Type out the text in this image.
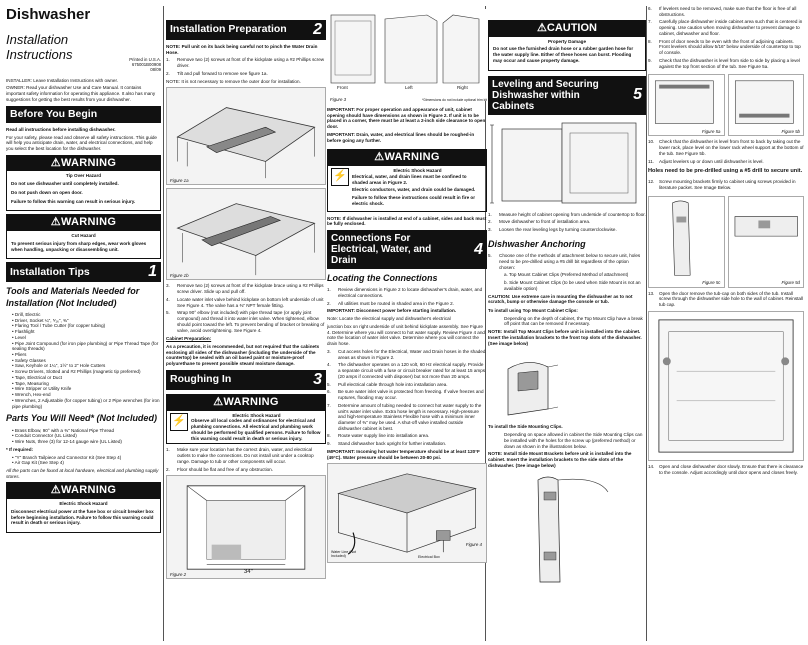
Dishwasher
Installation Instructions	Printed in U.S.A.
675001B00908
08/09

INSTALLER: Leave Installation Instructions with owner.

OWNER: Read your dishwasher Use and Care Manual. It contains important safety information for operating this appliance. It also has many suggestions for getting the best results from your dishwasher.

Before You Begin

Read all instructions before installing dishwasher.

For your safety, please read and observe all safety instructions. This guide will help you anticipate drain, water, and electrical connections, and help you select the best location for the dishwasher.

⚠WARNING
Tip Over Hazard

Do not use dishwasher until completely installed.

Do not push down on open door.

Failure to follow this warning can result in serious injury.

⚠WARNING
Cut Hazard

To prevent serious injury from sharp edges, wear work gloves when handling, unpacking or disassembling unit.

Installation Tips	1
Tools and Materials Needed for Installation (Not Included)
• Drill, Electric
• Driver, Socket ¼", ⁵⁄₁₆", ⅜"
• Flaring Tool / Tube Cutter (for copper tubing)
• Flashlight
• Level
• Pipe Joint Compound (for iron pipe plumbing) or Pipe Thread Tape (for sealing threads)
• Pliers
• Safety Glasses
• Saw, Keyhole or 1¼", 1½" to 2" Hole Cutters
• Screw Drivers, Slotted and #2 Phillips (magnetic tip preferred)
• Tape, Electrical or Duct
• Tape, Measuring
• Wire Stripper or Utility Knife
• Wrench, Hex-end
• Wrenches, 2 Adjustable (for copper tubing) or 2 Pipe wrenches (for iron pipe plumbing)
Parts You Will Need* (Not Included)
• Brass Elbow, 90° with a ⅜" National Pipe Thread
• Conduit Connector (UL Listed)
• Wire Nuts, three (3) for 12-14 gauge wire (UL Listed)

* If required:

• "Y" Branch Tailpiece and Connector Kit (See Step 4)
• Air Gap Kit (See Step 4)

All the parts can be found at local hardware, electrical and plumbing supply stores.

⚠WARNING
Electric Shock Hazard

Disconnect electrical power at the fuse box or circuit breaker box before beginning installation. Failure to follow this warning could result in death or serious injury.

Installation Preparation 2

NOTE: Pull unit on its back being careful not to pinch the Water Drain Hose.

1.	Remove two (2) screws at front of the kickplate using a #2 Phillips screw driver.
2.	Tilt and pull forward to remove see figure 1a.

NOTE: It is not necessary to remove the outer door for installation.

Figure 1a
Figure 1b
3.	Remove two (2) screws at front of the kickplate brace using a #2 Phillips screw driver. Slide up and pull off.
4.	Locate water inlet valve behind kickplate on bottom left underside of unit See Figure 4. The valve has a ⅜" NPT female fitting.
5.	Wrap 90° elbow (not included) with pipe thread tape (or apply joint compound) and thread it into water inlet valve. When tightened, elbow should point toward the left. To prevent bending of bracket or breaking of valve, avoid overtightening. See Figure 4.

Cabinet Preparation:

As a precaution, it is recommended, but not required that the cabinets enclosing all sides of the dishwasher (including the underside of the countertop) be sealed with an oil based paint or moisture-proof polyurethane to prevent possible steam/ moisture damage.

Roughing In	3
⚠WARNING
⚡	Electric Shock Hazard
Observe all local codes and ordinances for electrical and plumbing connections. All electrical and plumbing work should be performed by qualified persons. Failure to follow this warning could result in death or serious injury.
1.	Make sure your location has the correct drain, water, and electrical outlets to make the connections. Do not install unit under a cooktop range. Damage to tub or other components will occur.
2.	Floor should be flat and free of any obstruction.
34"
Figure 2
Front	Left	Right
Figure 3	*Dimensions do not include optional trim kit

IMPORTANT: For proper operation and appearance of unit, cabinet opening should have dimensions as shown in Figure 2. If unit is to be placed in a corner, there must be at least a 2-inch side clearance to open door.

IMPORTANT: Drain, water, and electrical lines should be roughed-in before going any further.

⚠WARNING
⚡	Electric Shock Hazard

Electrical, water, and drain lines must be confined to shaded areas in Figure 2.

Electric conductors, water, and drain could be damaged.

Failure to follow these instructions could result in fire or electric shock.

NOTE: If dishwasher is installed at end of a cabinet, sides and back must be fully enclosed.

Connections For Electrical, Water, and Drain
4
Locating the Connections
1.	Review dimensions in Figure 2 to locate dishwasher's drain, water, and electrical connections.
2.	All utilities must be routed in shaded area in the Figure 2.

IMPORTANT: Disconnect power before starting installation.

Note: Locate the electrical supply and dishwasher's electrical

junction box on right underside of unit behind kickplate assembly. See Figure 4. Determine where you will connect to hot water supply. Review Figure 4 and note the location of water inlet valve. Determine where you will connect the drain hose.

3.	Cut access holes for the Electrical, Water and Drain hoses in the shaded areas as shown in Figure 2.
4.	The dishwasher operates on a 120 volt, 60 Hz electrical supply. Provide a separate circuit with a fuse or circuit breaker rated for at least 15 amps (20 amps if connected with disposer) but not more than 20 amps.
5.	Pull electrical cable through hole into installation area.
6.	Be sure water inlet valve is protected from freezing. If valve freezes and ruptures, flooding may occur.
7.	Determine amount of tubing needed to connect hot water supply to the unit's water inlet valve. Extra hose length is necessary. High-pressure and high-temperature Stainless Flexible hose with a minimum inner diameter of ⅜" may be used. A shut-off valve installed outside dishwasher cabinet is best.
8.	Route water supply line into installation area.
9.	Stand dishwasher back upright for further installation.

IMPORTANT: Incoming hot water temperature should be at least 120°F (49°C). Water pressure should be between 20-80 psi.

Water Line (Not Included)	Electrical Box
Figure 4
⚠CAUTION
Property Damage

Do not use the furnished drain hose or a rubber garden hose for the water supply line. Either of these hoses can burst. Flooding may occur and cause property damage.

Leveling and Securing Dishwasher within Cabinets
5
1.	Measure height of cabinet opening from underside of countertop to floor.
2.	Move dishwasher to front of installation area.
3.	Loosen the rear leveling legs by turning counterclockwise.
Dishwasher Anchoring
5.	Choose one of the methods of attachment below to secure unit, holes need to be pre-drilled using a #5 drill bit regardless of the option chosen:

a. Top Mount Cabinet Clips (Preferred Method of attachment)

b. Side Mount Cabinet Clips (to be used when Side Mount is not an available option)

CAUTION: Use extreme care in mounting the dishwasher as to not scratch, bump or otherwise damage the console or tub.

To install using Top Mount Cabinet Clips:

Depending on the depth of cabinet, the Top Mount Clip have a break off point that can be removed if necessary.

NOTE: Install Top Mount Clips before unit is installed into the cabinet. Insert the installation brackets to the front top slots of the dishwasher. (See image below)

To install the Side Mounting Clips.

Depending on space allowed in cabinet the Side Mounting Clips can be installed with the holes for the screw up (preferred method) or down as shown in the illustrations below.

NOTE: Install Side Mount Brackets before unit is installed into the cabinet. Insert the installation brackets to the side slots of the dishwasher. (See image below)

6.	If levelers need to be removed, make sure that the floor is free of all obstructions.
7.	Carefully place dishwasher inside cabinet area such that is centered in opening. Use caution when moving dishwasher to prevent damage to cabinet, dishwasher and floor.
8.	Front of door needs to be even with the front of adjoining cabinets. Front levelers should allow 5/16" below underside of countertop to top of console.
9.	Check that the dishwasher is level from side to side by placing a level against the top front section of the tub. See Figure 5a.
Figure 5a	Figure 5b
10.	Check that the dishwasher is level from front to back by taking out the lower rack, place level on the lower rack wheel support at the bottom of the tub. See Figure 5b.
11.	Adjust levelers up or down until dishwasher is level.

Holes need to be pre-drilled using a #5 drill to secure unit.

12.	Screw mounting brackets firmly to cabinet using screws provided in literature packet. See Image Below.
Figure 5c	Figure 5d
13.	Open the door remove the tub-cap on both sides of the tub. Install screw through the dishwasher side hole to the wall of cabinet. Reinstall tub cap.
14.	Open and close dishwasher door slowly. Ensure that there is clearance to the console. Adjust accordingly until door opens and closes freely.
